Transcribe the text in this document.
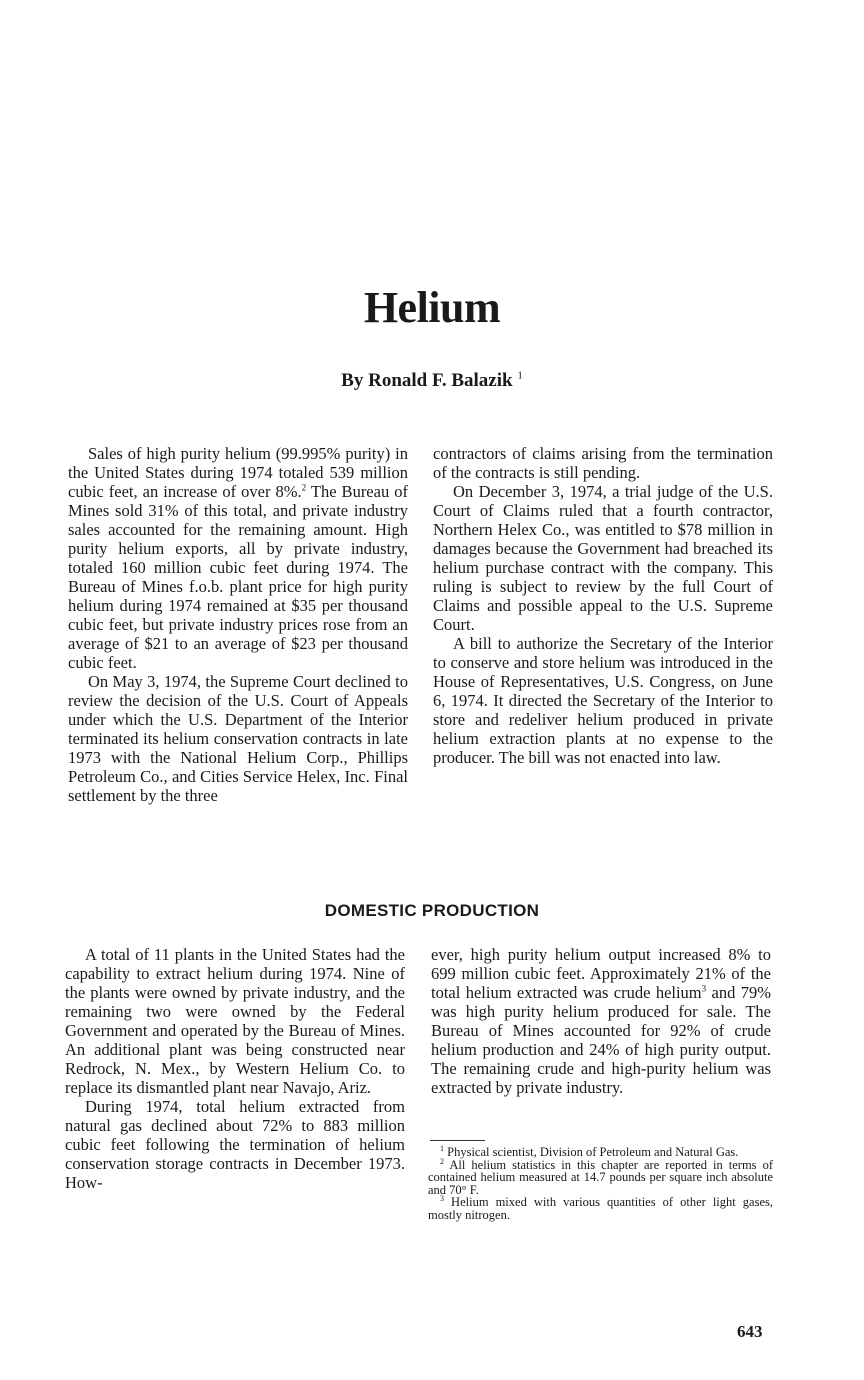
Helium
By Ronald F. Balazik $^1$

Sales of high purity helium (99.995% purity) in the United States during 1974 totaled 539 million cubic feet, an increase of over 8%.$^2$ The Bureau of Mines sold 31% of this total, and private industry sales accounted for the remaining amount. High purity helium exports, all by private industry, totaled 160 million cubic feet during 1974. The Bureau of Mines f.o.b. plant price for high purity helium during 1974 remained at $35 per thousand cubic feet, but private industry prices rose from an average of $21 to an average of $23 per thousand cubic feet.

On May 3, 1974, the Supreme Court declined to review the decision of the U.S. Court of Appeals under which the U.S. Department of the Interior terminated its helium conservation contracts in late 1973 with the National Helium Corp., Phillips Petroleum Co., and Cities Service Helex, Inc. Final settlement by the three

contractors of claims arising from the termination of the contracts is still pending.

On December 3, 1974, a trial judge of the U.S. Court of Claims ruled that a fourth contractor, Northern Helex Co., was entitled to $78 million in damages because the Government had breached its helium purchase contract with the company. This ruling is subject to review by the full Court of Claims and possible appeal to the U.S. Supreme Court.

A bill to authorize the Secretary of the Interior to conserve and store helium was introduced in the House of Representatives, U.S. Congress, on June 6, 1974. It directed the Secretary of the Interior to store and redeliver helium produced in private helium extraction plants at no expense to the producer. The bill was not enacted into law.

DOMESTIC PRODUCTION

A total of 11 plants in the United States had the capability to extract helium during 1974. Nine of the plants were owned by private industry, and the remaining two were owned by the Federal Government and operated by the Bureau of Mines. An additional plant was being constructed near Redrock, N. Mex., by Western Helium Co. to replace its dismantled plant near Navajo, Ariz.

During 1974, total helium extracted from natural gas declined about 72% to 883 million cubic feet following the termination of helium conservation storage contracts in December 1973. How-

ever, high purity helium output increased 8% to 699 million cubic feet. Approximately 21% of the total helium extracted was crude helium$^3$ and 79% was high purity helium produced for sale. The Bureau of Mines accounted for 92% of crude helium production and 24% of high purity output. The remaining crude and high-purity helium was extracted by private industry.

$^1$ Physical scientist, Division of Petroleum and Natural Gas.

$^2$ All helium statistics in this chapter are reported in terms of contained helium measured at 14.7 pounds per square inch absolute and 70° F.

$^3$ Helium mixed with various quantities of other light gases, mostly nitrogen.

643
